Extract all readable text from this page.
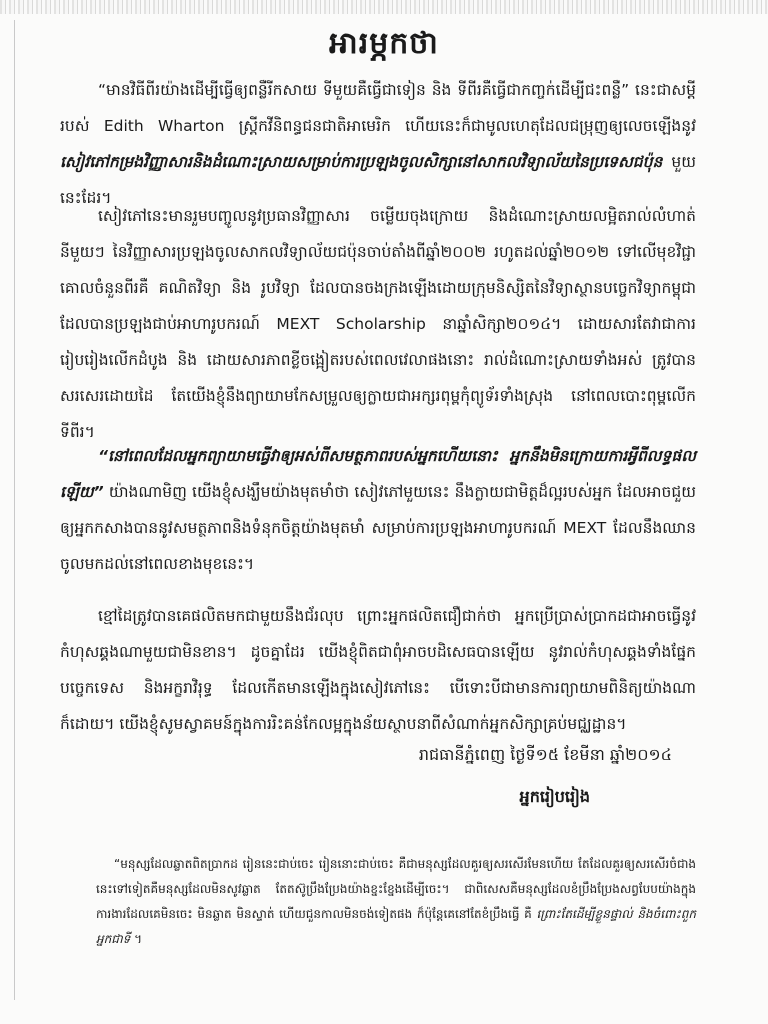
អារម្ភកថា

“មានវិធីពីរយ៉ាងដើម្បីធ្វើឲ្យពន្លឺរីកសាយ ទីមួយគឺធ្វើជាទៀន និង ទីពីរគឺធ្វើជាកញ្ចក់ដើម្បីជះពន្លឺ” នេះជាសម្ដីរបស់ Edith Wharton ស្ត្រីកវីនិពន្ធជនជាតិអាមេរិក ហើយនេះក៏ជាមូលហេតុដែលជម្រុញឲ្យលេចឡើងនូវ សៀវភៅកម្រងវិញ្ញាសារនិងដំណោះស្រាយសម្រាប់ការប្រឡងចូលសិក្សានៅសាកលវិទ្យាល័យនៃប្រទេសជប៉ុន មួយនេះដែរ។

សៀវភៅនេះមានរួមបញ្ចូលនូវប្រធានវិញ្ញាសារ ចម្លើយចុងក្រោយ និងដំណោះស្រាយលម្អិតរាល់លំហាត់នីមួយៗ នៃវិញ្ញាសារប្រឡងចូលសាកលវិទ្យាល័យជប៉ុនចាប់តាំងពីឆ្នាំ២០០២ រហូតដល់ឆ្នាំ២០១២ ទៅលើមុខវិជ្ជាគោលចំនួនពីរគឺ គណិតវិទ្យា និង រូបវិទ្យា ដែលបានចងក្រងឡើងដោយក្រុមនិស្សិតនៃវិទ្យាស្ថានបច្ចេកវិទ្យាកម្ពុជាដែលបានប្រឡងជាប់អាហារូបករណ៍ MEXT Scholarship នាឆ្នាំសិក្សា២០១៤។ ដោយសារតែវាជាការរៀបរៀងលើកដំបូង និង ដោយសារភាពខ្លីចង្អៀតរបស់ពេលវេលាផងនោះ រាល់ដំណោះស្រាយទាំងអស់ ត្រូវបានសរសេរដោយដៃ តែយើងខ្ញុំនឹងព្យាយាមកែសម្រួលឲ្យក្លាយជាអក្សរពុម្ពកុំព្យូទ័រទាំងស្រុង នៅពេលបោះពុម្ពលើកទីពីរ។

“នៅពេលដែលអ្នកព្យាយាមធ្វើវាឲ្យអស់ពីសមត្ថភាពរបស់អ្នកហើយនោះ អ្នកនឹងមិនក្រោយការអ្វីពីលទ្ធផលឡើយ” យ៉ាងណាមិញ យើងខ្ញុំសង្ឃឹមយ៉ាងមុតមាំថា សៀវភៅមួយនេះ នឹងក្លាយជាមិត្តដ៏ល្អរបស់អ្នក ដែលអាចជួយឲ្យអ្នកកសាងបាននូវសមត្ថភាពនិងទំនុកចិត្តយ៉ាងមុតមាំ សម្រាប់ការប្រឡងអាហារូបករណ៍ MEXT ដែលនឹងឈានចូលមកដល់នៅពេលខាងមុខនេះ។

ខ្មៅដៃត្រូវបានគេផលិតមកជាមួយនឹងជ័រលុប ព្រោះអ្នកផលិតជឿជាក់ថា អ្នកប្រើប្រាស់ប្រាកដជាអាចធ្វើនូវកំហុសឆ្គងណាមួយជាមិនខាន។ ដូចគ្នាដែរ យើងខ្ញុំពិតជាពុំអាចបដិសេធបានឡើយ នូវរាល់កំហុសឆ្គងទាំងផ្នែកបច្ចេកទេស និងអក្ខរាវិរុទ្ធ ដែលកើតមានឡើងក្នុងសៀវភៅនេះ បើទោះបីជាមានការព្យាយាមពិនិត្យយ៉ាងណាក៏ដោយ។ យើងខ្ញុំសូមស្វាគមន៍ក្នុងការរិះគន់កែលម្អក្នុងន័យស្ថាបនាពីសំណាក់អ្នកសិក្សាគ្រប់មជ្ឈដ្ឋាន។

រាជធានីភ្នំពេញ ថ្ងៃទី១៥ ខែមីនា ឆ្នាំ២០១៤
អ្នករៀបរៀង

“មនុស្សដែលឆ្លាតពិតប្រាកដ រៀននេះជាប់ចេះ រៀននោះជាប់ចេះ គឺជាមនុស្សដែលគួរឲ្យសរសើរមែនហើយ តែដែលគួរឲ្យសរសើរចំជាងនេះទៅទៀតគឺមនុស្សដែលមិនសូវឆ្លាត តែតស៊ូប្រឹងប្រែងយ៉ាងខ្នះខ្នែងដើម្បីចេះ។ ជាពិសេសគឺមនុស្សដែលខំប្រឹងប្រែងសព្វបែបយ៉ាងក្នុងការងារដែលគេមិនចេះ មិនឆ្លាត មិនស្ទាត់ ហើយជួនកាលមិនចង់ទៀតផង ក៏ប៉ុន្តែគេនៅតែខំប្រឹងធ្វើ គឺ ព្រោះតែដើម្បីខ្លួនផ្ទាល់ និងចំពោះពួកអ្នកជាទី ។
